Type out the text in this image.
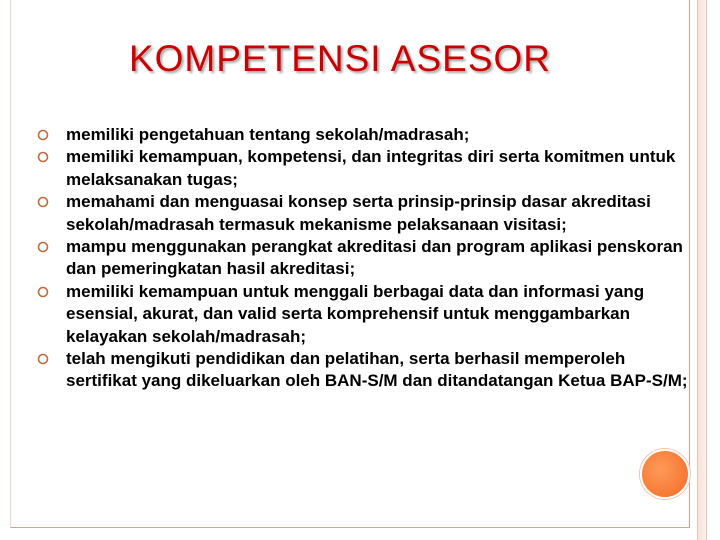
KOMPETENSI ASESOR
memiliki pengetahuan tentang sekolah/madrasah;
memiliki kemampuan, kompetensi, dan integritas diri serta komitmen untuk melaksanakan tugas;
memahami dan menguasai konsep serta prinsip-prinsip dasar akreditasi sekolah/madrasah termasuk mekanisme pelaksanaan visitasi;
mampu menggunakan perangkat akreditasi dan program aplikasi penskoran dan pemeringkatan hasil akreditasi;
memiliki kemampuan untuk menggali berbagai data dan informasi yang esensial, akurat, dan valid serta komprehensif untuk menggambarkan kelayakan sekolah/madrasah;
telah mengikuti pendidikan dan pelatihan, serta berhasil memperoleh sertifikat yang dikeluarkan oleh BAN-S/M dan ditandatangan Ketua BAP-S/M;
